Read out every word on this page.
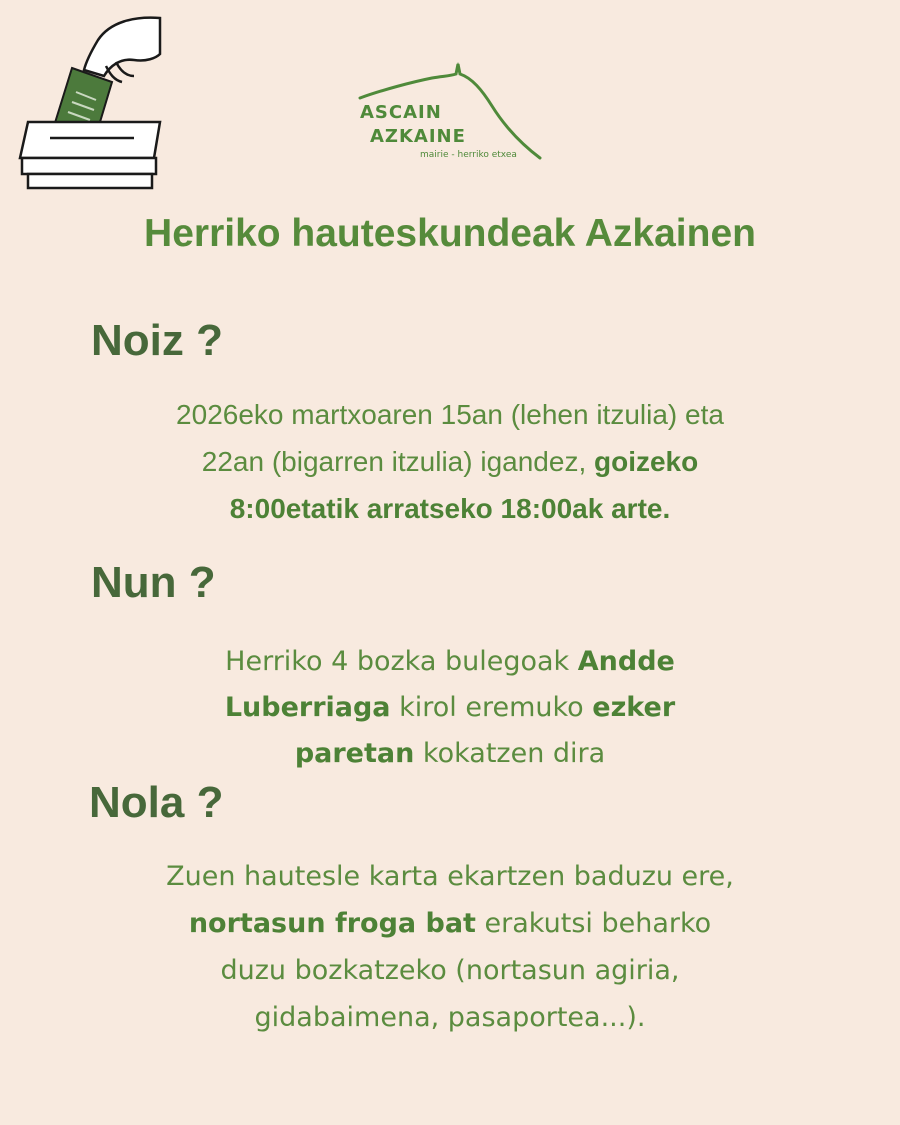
ASCAIN
AZKAINE
mairie - herriko etxea
Herriko hauteskundeak Azkainen
Noiz ?

2026eko martxoaren 15an (lehen itzulia) eta
22an (bigarren itzulia) igandez, goizeko
8:00etatik arratseko 18:00ak arte.

Nun ?

Herriko 4 bozka bulegoak Andde
Luberriaga kirol eremuko ezker
paretan kokatzen dira

Nola ?

Zuen hautesle karta ekartzen baduzu ere,
nortasun froga bat erakutsi beharko
duzu bozkatzeko (nortasun agiria,
gidabaimena, pasaportea...).
